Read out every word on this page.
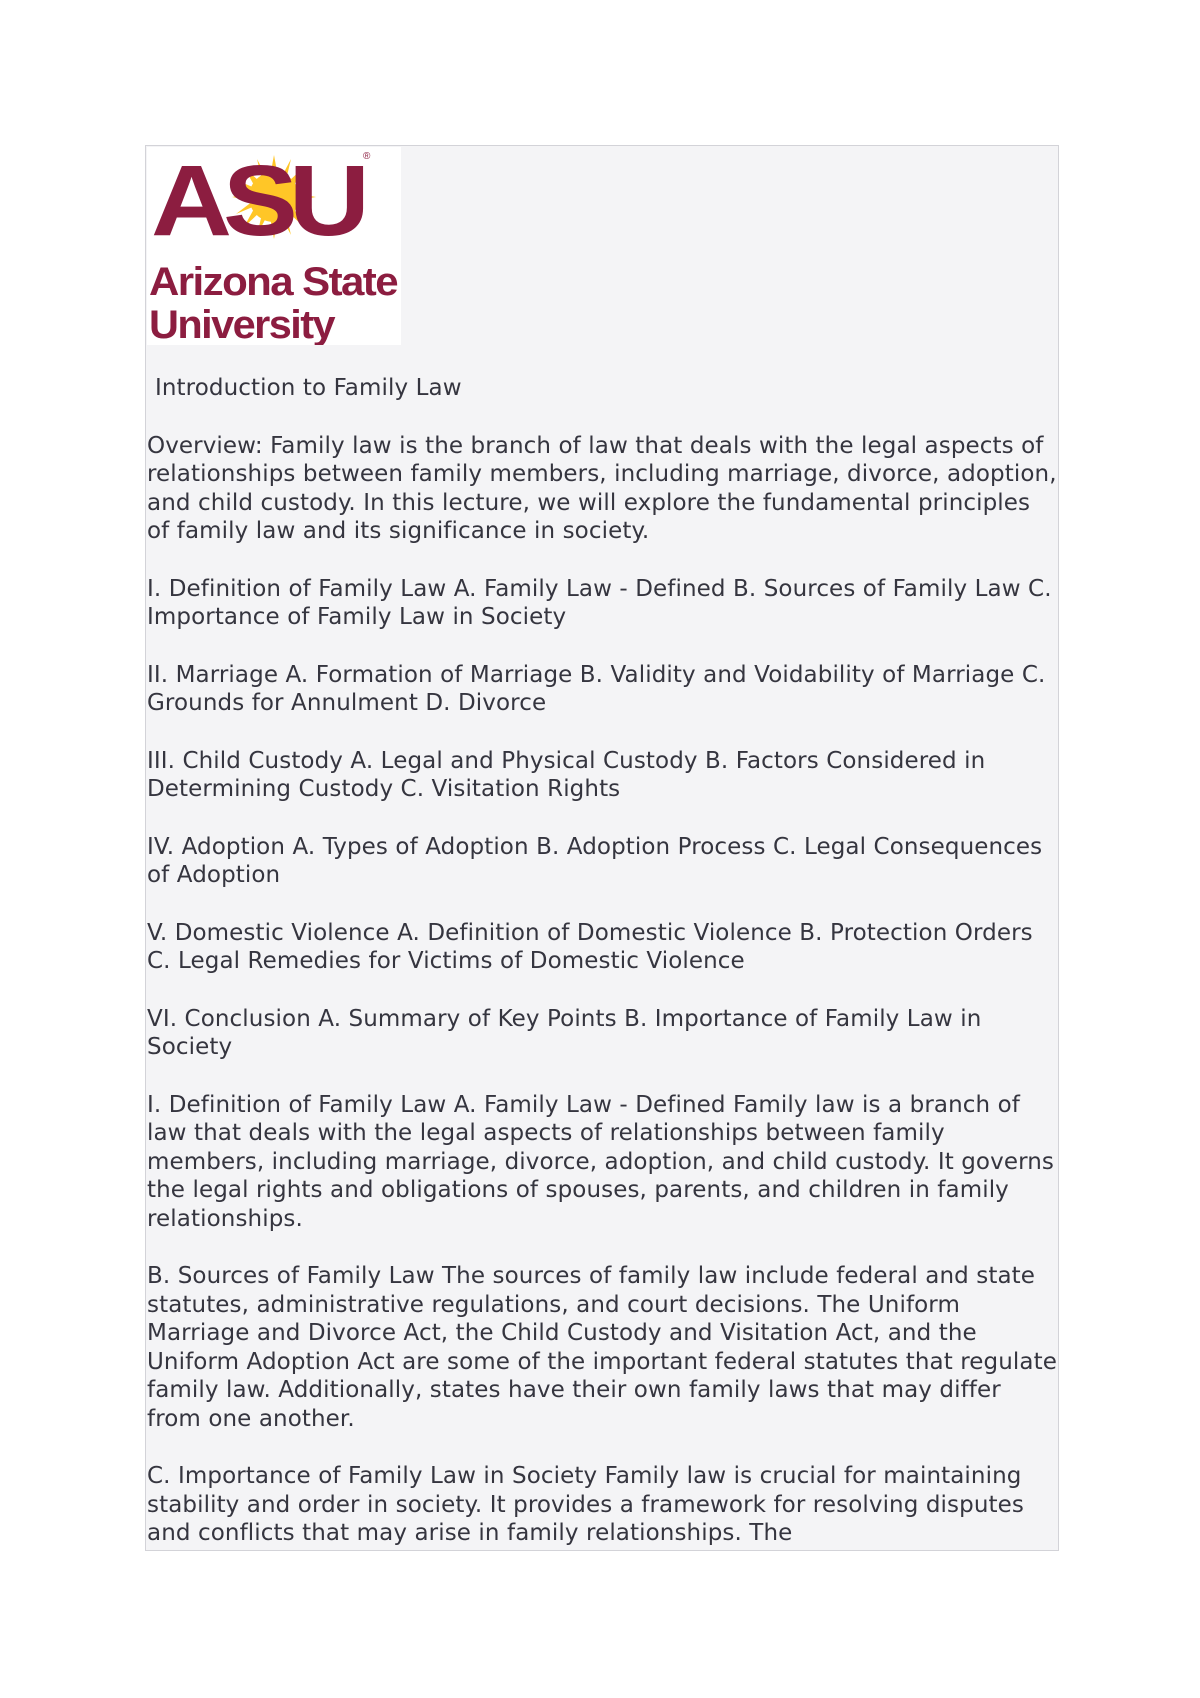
ASU
®
Arizona State
University
Introduction to Family Law
Overview: Family law is the branch of law that deals with the legal aspects of relationships between family members, including marriage, divorce, adoption, and child custody. In this lecture, we will explore the fundamental principles of family law and its significance in society.
I. Definition of Family Law A. Family Law - Defined B. Sources of Family Law C. Importance of Family Law in Society
II. Marriage A. Formation of Marriage B. Validity and Voidability of Marriage C. Grounds for Annulment D. Divorce
III. Child Custody A. Legal and Physical Custody B. Factors Considered in Determining Custody C. Visitation Rights
IV. Adoption A. Types of Adoption B. Adoption Process C. Legal Consequences of Adoption
V. Domestic Violence A. Definition of Domestic Violence B. Protection Orders C. Legal Remedies for Victims of Domestic Violence
VI. Conclusion A. Summary of Key Points B. Importance of Family Law in Society
I. Definition of Family Law A. Family Law - Defined Family law is a branch of law that deals with the legal aspects of relationships between family members, including marriage, divorce, adoption, and child custody. It governs the legal rights and obligations of spouses, parents, and children in family relationships.
B. Sources of Family Law The sources of family law include federal and state statutes, administrative regulations, and court decisions. The Uniform Marriage and Divorce Act, the Child Custody and Visitation Act, and the Uniform Adoption Act are some of the important federal statutes that regulate family law. Additionally, states have their own family laws that may differ from one another.
C. Importance of Family Law in Society Family law is crucial for maintaining stability and order in society. It provides a framework for resolving disputes and conflicts that may arise in family relationships. The
